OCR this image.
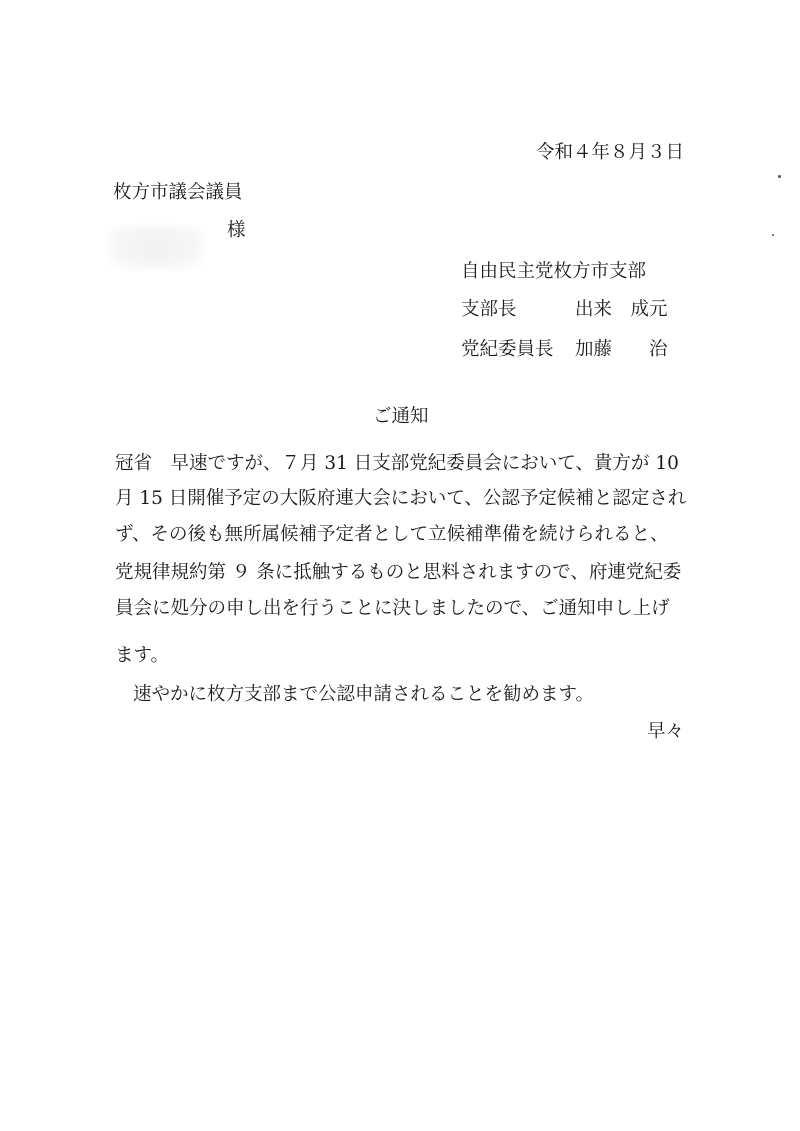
令和４年８月３日
枚方市議会議員
様
自由民主党枚方市支部
支部長	出来　成元
党紀委員長 加藤　　治
ご通知
冠省　早速ですが、７月 31 日支部党紀委員会において、貴方が 10
月 15 日開催予定の大阪府連大会において、公認予定候補と認定され
ず、その後も無所属候補予定者として立候補準備を続けられると、
党規律規約第 ９ 条に抵触するものと思料されますので、府連党紀委
員会に処分の申し出を行うことに決しましたので、ご通知申し上げ
ます。
速やかに枚方支部まで公認申請されることを勧めます。
早々
